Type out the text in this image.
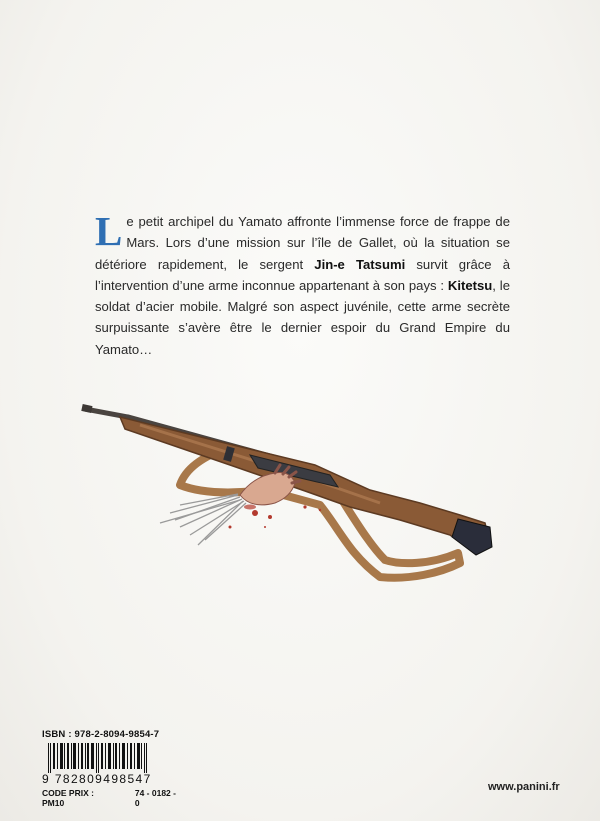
Le petit archipel du Yamato affronte l’immense force de frappe de Mars. Lors d’une mission sur l’île de Gallet, où la situation se détériore rapidement, le sergent Jin-e Tatsumi survit grâce à l’intervention d’une arme inconnue appartenant à son pays : Kitetsu, le soldat d’acier mobile. Malgré son aspect juvénile, cette arme secrète surpuissante s’avère être le dernier espoir du Grand Empire du Yamato…
ISBN : 978-2-8094-9854-7
9 782809498547
CODE PRIX : PM10
74 - 0182 - 0
www.panini.fr
